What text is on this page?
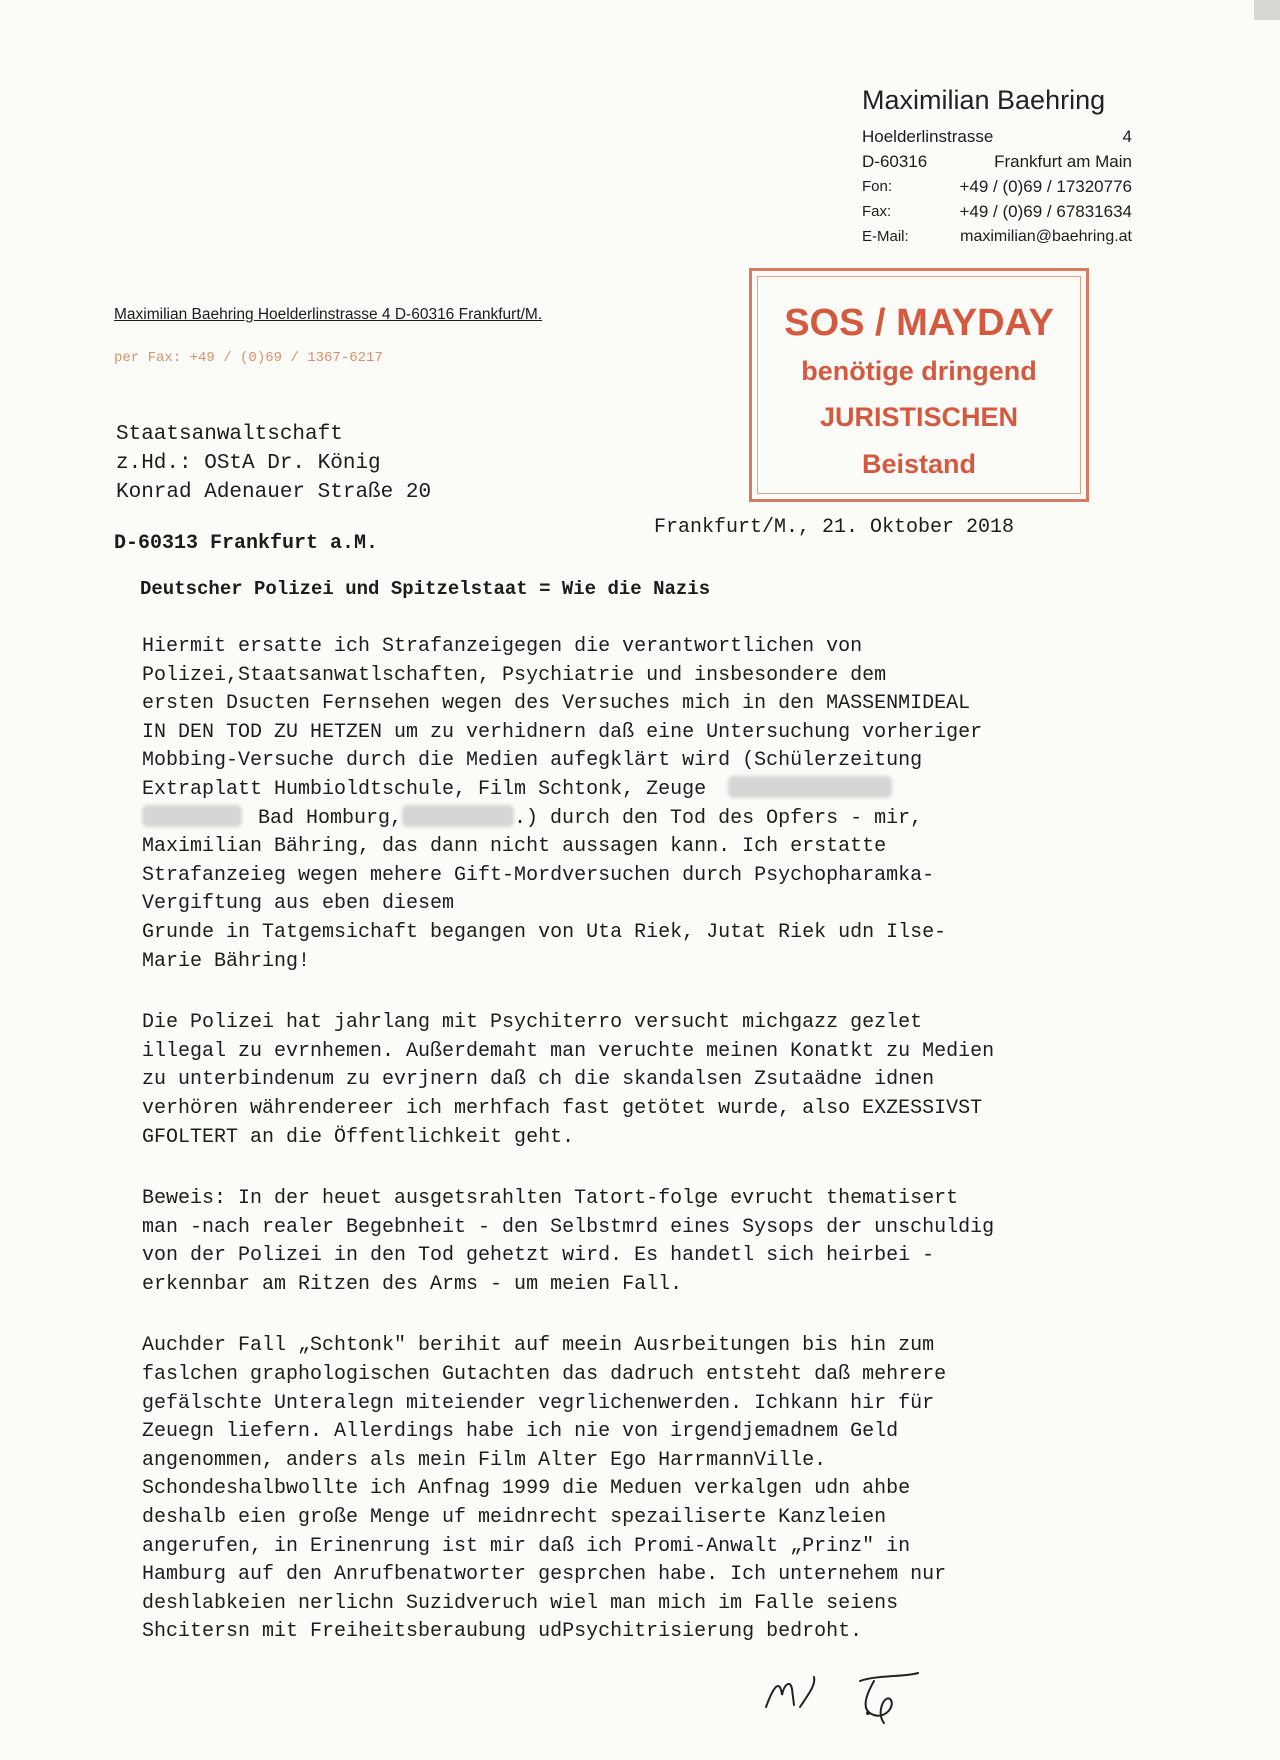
Maximilian Baehring
Hoelderlinstrasse	4
D-60316	Frankfurt am Main
Fon:	+49 / (0)69 / 17320776
Fax:	+49 / (0)69 / 67831634
E-Mail:	maximilian@baehring.at
Maximilian Baehring Hoelderlinstrasse 4 D-60316 Frankfurt/M.
per Fax: +49 / (0)69 / 1367-6217
SOS / MAYDAY
benötige dringend
JURISTISCHEN
Beistand
Staatsanwaltschaft
z.Hd.: OStA Dr. König
Konrad Adenauer Straße 20
D-60313 Frankfurt a.M.
Frankfurt/M., 21. Oktober 2018
Deutscher Polizei und Spitzelstaat = Wie die Nazis
Hiermit ersatte ich Strafanzeigegen die verantwortlichen von
Polizei,Staatsanwatlschaften, Psychiatrie und insbesondere dem
ersten Dsucten Fernsehen wegen des Versuches mich in den MASSENMIDEAL
IN DEN TOD ZU HETZEN um zu verhidnern daß eine Untersuchung vorheriger
Mobbing-Versuche durch die Medien aufegklärt wird (Schülerzeitung
Extraplatt Humbioldtschule, Film Schtonk, Zeuge
Bad Homburg,	.) durch den Tod des Opfers - mir,
Maximilian Bähring, das dann nicht aussagen kann. Ich erstatte
Strafanzeieg wegen mehere Gift-Mordversuchen durch Psychopharamka-
Vergiftung aus eben diesem
Grunde in Tatgemsichaft begangen von Uta Riek, Jutat Riek udn Ilse-
Marie Bähring!
Die Polizei hat jahrlang mit Psychiterro versucht michgazz gezlet
illegal zu evrnhemen. Außerdemaht man veruchte meinen Konatkt zu Medien
zu unterbindenum zu evrjnern daß ch die skandalsen Zsutaädne idnen
verhören währendereer ich merhfach fast getötet wurde, also EXZESSIVST
GFOLTERT an die Öffentlichkeit geht.
Beweis: In der heuet ausgetsrahlten Tatort-folge evrucht thematisert
man -nach realer Begebnheit - den Selbstmrd eines Sysops der unschuldig
von der Polizei in den Tod gehetzt wird. Es handetl sich heirbei -
erkennbar am Ritzen des Arms - um meien Fall.
Auchder Fall „Schtonk" berihit auf meein Ausrbeitungen bis hin zum
faslchen graphologischen Gutachten das dadruch entsteht daß mehrere
gefälschte Unteralegn miteiender vegrlichenwerden. Ichkann hir für
Zeuegn liefern. Allerdings habe ich nie von irgendjemadnem Geld
angenommen, anders als mein Film Alter Ego HarrmannVille.
Schondeshalbwollte ich Anfnag 1999 die Meduen verkalgen udn ahbe
deshalb eien große Menge uf meidnrecht spezailiserte Kanzleien
angerufen, in Erinenrung ist mir daß ich Promi-Anwalt „Prinz" in
Hamburg auf den Anrufbenatworter gesprchen habe. Ich unternehem nur
deshlabkeien nerlichn Suzidveruch wiel man mich im Falle seiens
Shcitersn mit Freiheitsberaubung udPsychitrisierung bedroht.
